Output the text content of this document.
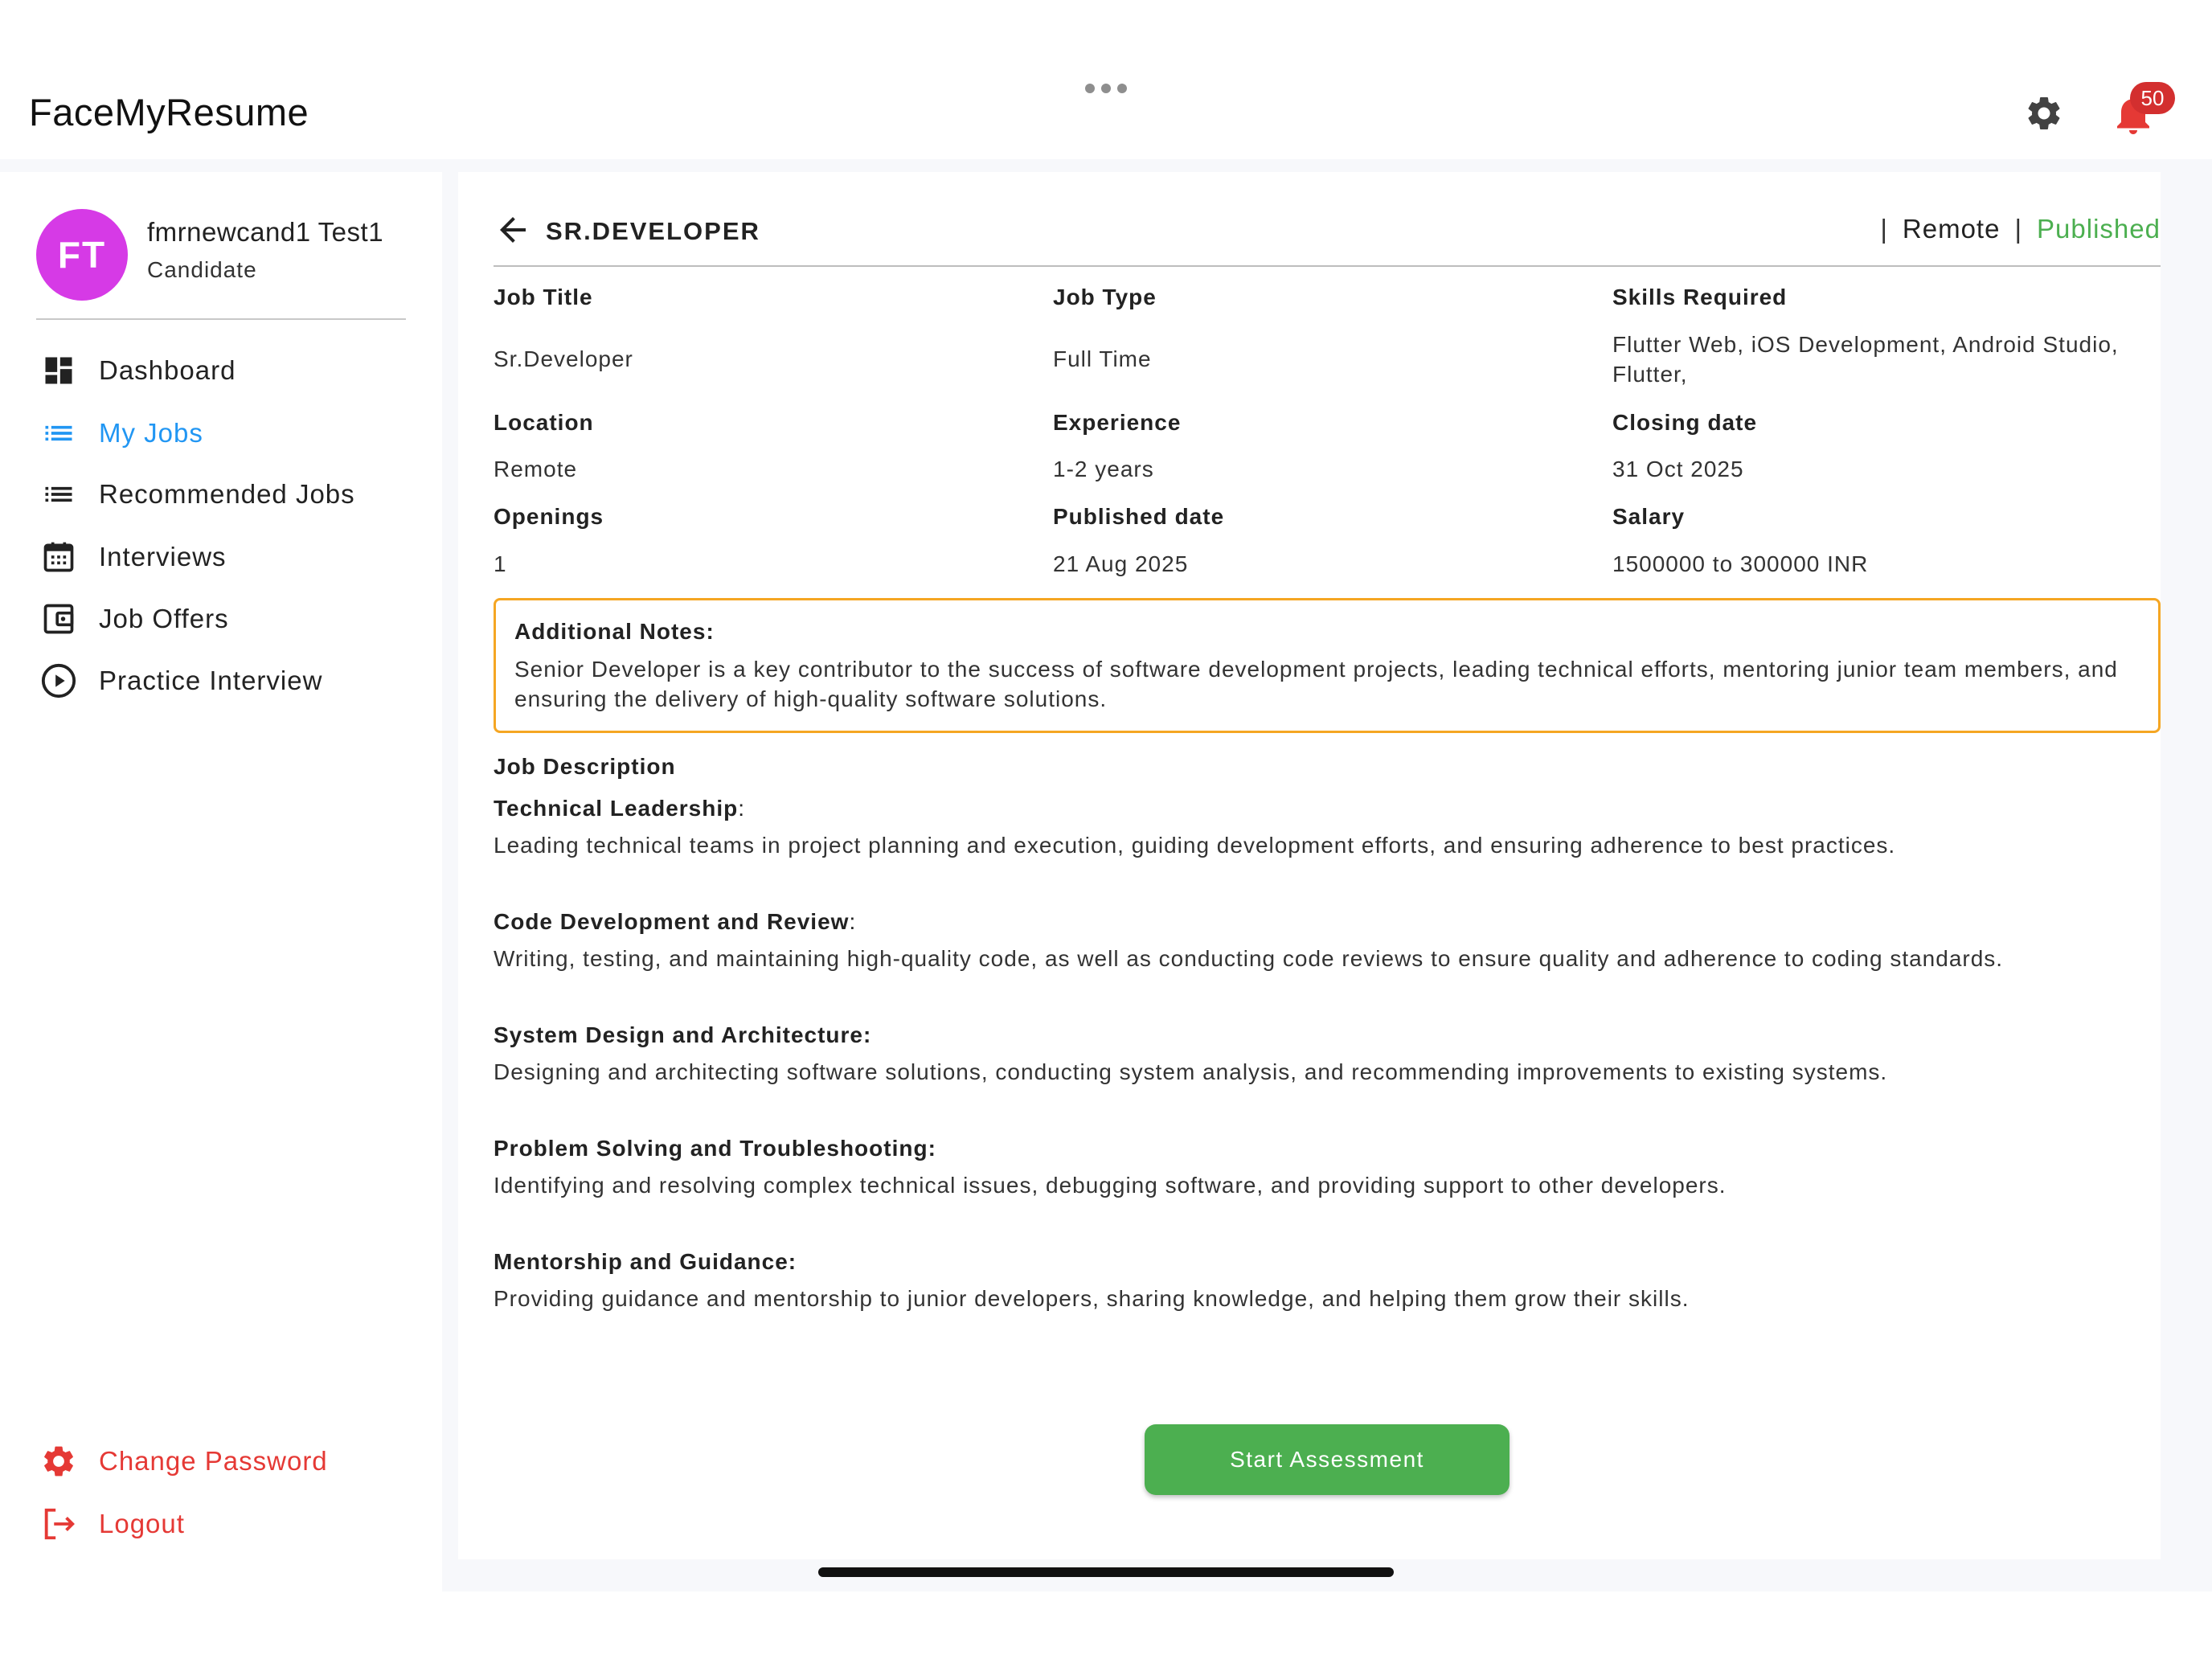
FaceMyResume	50
FT
fmrnewcand1 Test1
Candidate
Dashboard
My Jobs
Recommended Jobs
Interviews
Job Offers
Practice Interview
Change Password
Logout
SR.DEVELOPER	| Remote | Published
Job Title
Sr.Developer
Job Type
Full Time
Skills Required
Flutter Web, iOS Development, Android Studio, Flutter,
Location
Remote
Experience
1-2 years
Closing date
31 Oct 2025
Openings
1
Published date
21 Aug 2025
Salary
1500000 to 300000 INR
Additional Notes:
Senior Developer is a key contributor to the success of software development projects, leading technical efforts, mentoring junior team members, and ensuring the delivery of high-quality software solutions.
Job Description
Technical Leadership:
Leading technical teams in project planning and execution, guiding development efforts, and ensuring adherence to best practices.
Code Development and Review:
Writing, testing, and maintaining high-quality code, as well as conducting code reviews to ensure quality and adherence to coding standards.
System Design and Architecture:
Designing and architecting software solutions, conducting system analysis, and recommending improvements to existing systems.
Problem Solving and Troubleshooting:
Identifying and resolving complex technical issues, debugging software, and providing support to other developers.
Mentorship and Guidance:
Providing guidance and mentorship to junior developers, sharing knowledge, and helping them grow their skills.
Start Assessment
